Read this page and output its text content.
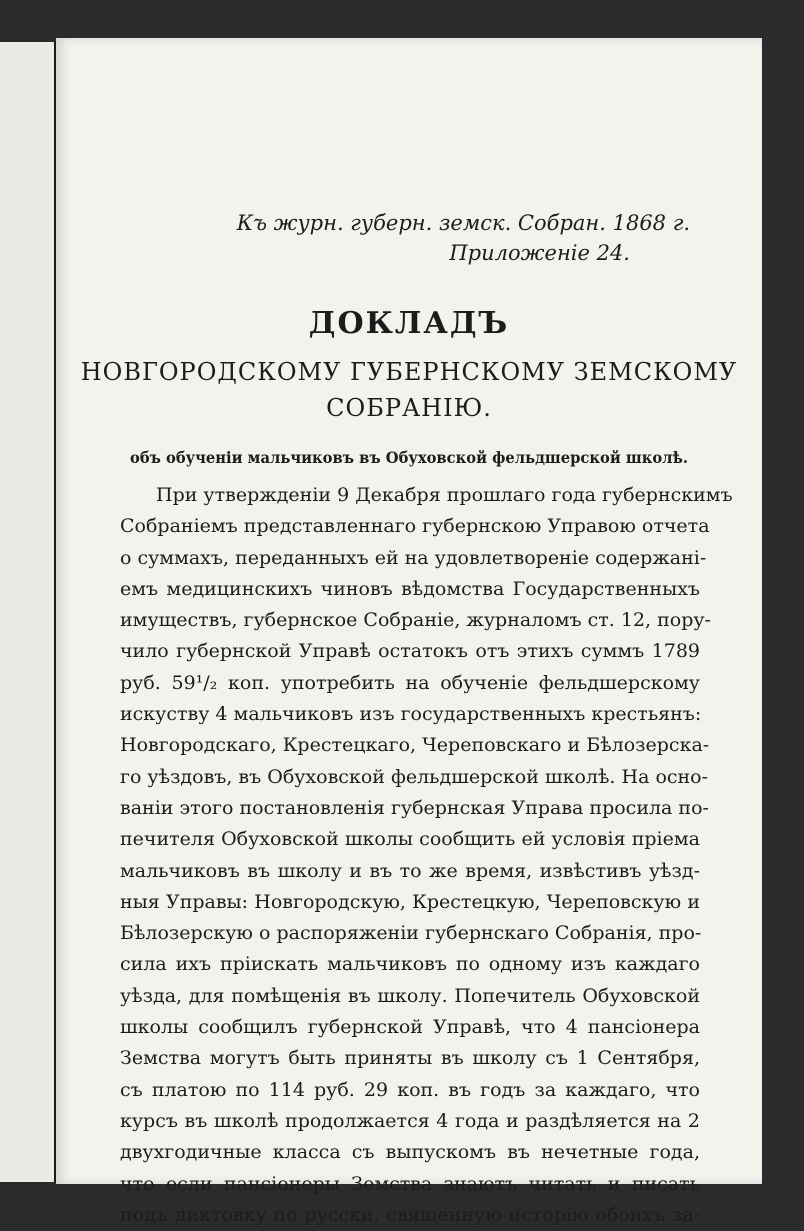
Къ журн. губерн. земск. Собран. 1868 г.
Приложеніе 24.
ДОКЛАДЪ
НОВГОРОДСКОМУ ГУБЕРНСКОМУ ЗЕМСКОМУ
СОБРАНІЮ.
объ обученіи мальчиковъ въ Обуховской фельдшерской школѣ.
При утвержденіи 9 Декабря прошлаго года губернскимъ
Собраніемъ представленнаго губернскою Управою отчета
о суммахъ, переданныхъ ей на удовлетвореніе содержані-
емъ медицинскихъ чиновъ вѣдомства Государственныхъ
имуществъ, губернское Собраніе, журналомъ ст. 12, пору-
чило губернской Управѣ остатокъ отъ этихъ суммъ 1789
руб. 59¹/₂ коп. употребить на обученіе фельдшерскому
искуству 4 мальчиковъ изъ государственныхъ крестьянъ:
Новгородскаго, Крестецкаго, Череповскаго и Бѣлозерска-
го уѣздовъ, въ Обуховской фельдшерской школѣ. На осно-
ваніи этого постановленія губернская Управа просила по-
печителя Обуховской школы сообщить ей условія пріема
мальчиковъ въ школу и въ то же время, извѣстивъ уѣзд-
ныя Управы: Новгородскую, Крестецкую, Череповскую и
Бѣлозерскую о распоряженіи губернскаго Собранія, про-
сила ихъ пріискать мальчиковъ по одному изъ каждаго
уѣзда, для помѣщенія въ школу. Попечитель Обуховской
школы сообщилъ губернской Управѣ, что 4 пансіонера
Земства могутъ быть приняты въ школу съ 1 Сентября,
съ платою по 114 руб. 29 коп. въ годъ за каждаго, что
курсъ въ школѣ продолжается 4 года и раздѣляется на 2
двухгодичные класса съ выпускомъ въ нечетные года,
что если пансіонеры Земства знаютъ читать и писать
подъ диктовку по русски, священную исторію обоихъ за-
